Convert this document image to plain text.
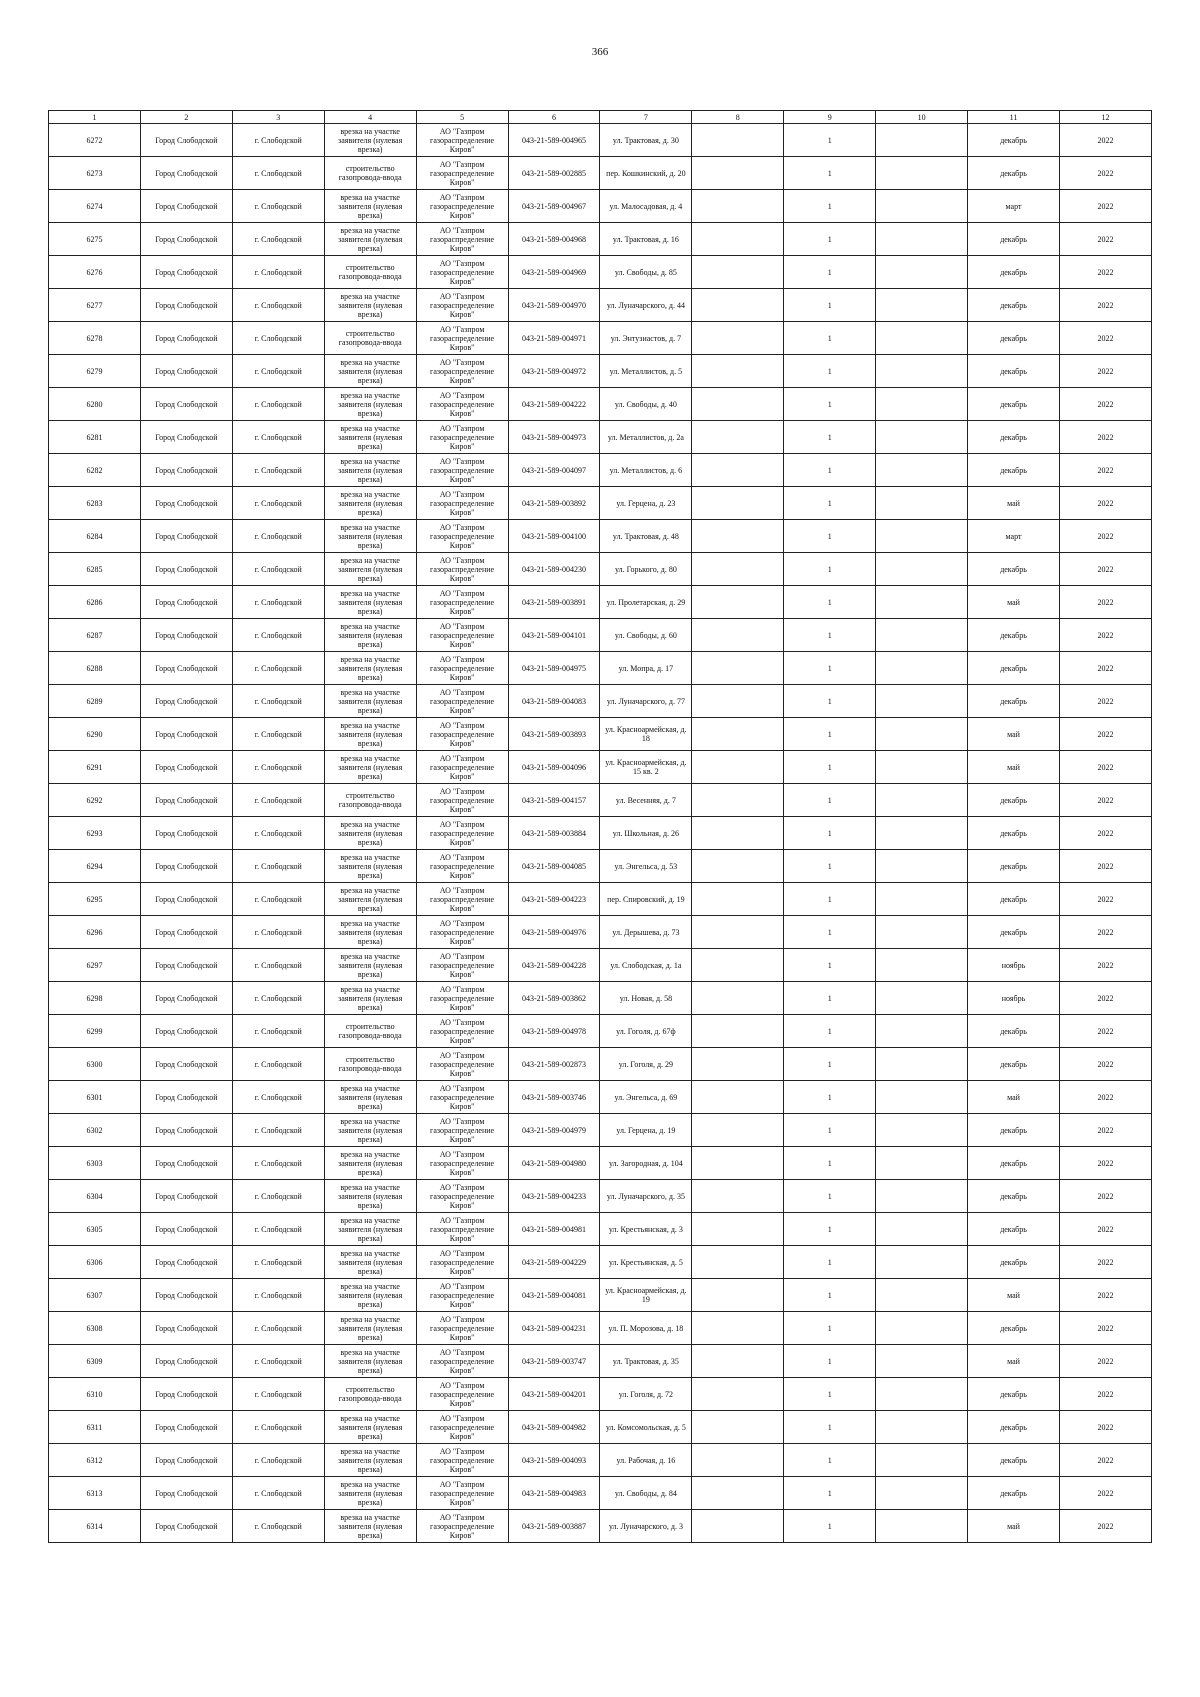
366
1	2	3	4	5	6	7	8	9	10	11	12

6272	Город Слободской	г. Слободской	врезка на участке заявителя (нулевая врезка)	АО "Газпром газораспределение Киров"	043-21-589-004965	ул. Трактовая, д. 30		1		декабрь	2022

6273	Город Слободской	г. Слободской	строительство газопровода-ввода	АО "Газпром газораспределение Киров"	043-21-589-002885	пер. Кошкинский, д. 20		1		декабрь	2022

6274	Город Слободской	г. Слободской	врезка на участке заявителя (нулевая врезка)	АО "Газпром газораспределение Киров"	043-21-589-004967	ул. Малосадовая, д. 4		1		март	2022

6275	Город Слободской	г. Слободской	врезка на участке заявителя (нулевая врезка)	АО "Газпром газораспределение Киров"	043-21-589-004968	ул. Трактовая, д. 16		1		декабрь	2022

6276	Город Слободской	г. Слободской	строительство газопровода-ввода	АО "Газпром газораспределение Киров"	043-21-589-004969	ул. Свободы, д. 85		1		декабрь	2022

6277	Город Слободской	г. Слободской	врезка на участке заявителя (нулевая врезка)	АО "Газпром газораспределение Киров"	043-21-589-004970	ул. Луначарского, д. 44		1		декабрь	2022

6278	Город Слободской	г. Слободской	строительство газопровода-ввода	АО "Газпром газораспределение Киров"	043-21-589-004971	ул. Энтузиастов, д. 7		1		декабрь	2022

6279	Город Слободской	г. Слободской	врезка на участке заявителя (нулевая врезка)	АО "Газпром газораспределение Киров"	043-21-589-004972	ул. Металлистов, д. 5		1		декабрь	2022

6280	Город Слободской	г. Слободской	врезка на участке заявителя (нулевая врезка)	АО "Газпром газораспределение Киров"	043-21-589-004222	ул. Свободы, д. 40		1		декабрь	2022

6281	Город Слободской	г. Слободской	врезка на участке заявителя (нулевая врезка)	АО "Газпром газораспределение Киров"	043-21-589-004973	ул. Металлистов, д. 2а		1		декабрь	2022

6282	Город Слободской	г. Слободской	врезка на участке заявителя (нулевая врезка)	АО "Газпром газораспределение Киров"	043-21-589-004097	ул. Металлистов, д. 6		1		декабрь	2022

6283	Город Слободской	г. Слободской	врезка на участке заявителя (нулевая врезка)	АО "Газпром газораспределение Киров"	043-21-589-003892	ул. Герцена, д. 23		1		май	2022

6284	Город Слободской	г. Слободской	врезка на участке заявителя (нулевая врезка)	АО "Газпром газораспределение Киров"	043-21-589-004100	ул. Трактовая, д. 48		1		март	2022

6285	Город Слободской	г. Слободской	врезка на участке заявителя (нулевая врезка)	АО "Газпром газораспределение Киров"	043-21-589-004230	ул. Горького, д. 80		1		декабрь	2022

6286	Город Слободской	г. Слободской	врезка на участке заявителя (нулевая врезка)	АО "Газпром газораспределение Киров"	043-21-589-003891	ул. Пролетарская, д. 29		1		май	2022

6287	Город Слободской	г. Слободской	врезка на участке заявителя (нулевая врезка)	АО "Газпром газораспределение Киров"	043-21-589-004101	ул. Свободы, д. 60		1		декабрь	2022

6288	Город Слободской	г. Слободской	врезка на участке заявителя (нулевая врезка)	АО "Газпром газораспределение Киров"	043-21-589-004975	ул. Мопра, д. 17		1		декабрь	2022

6289	Город Слободской	г. Слободской	врезка на участке заявителя (нулевая врезка)	АО "Газпром газораспределение Киров"	043-21-589-004083	ул. Луначарского, д. 77		1		декабрь	2022

6290	Город Слободской	г. Слободской	врезка на участке заявителя (нулевая врезка)	АО "Газпром газораспределение Киров"	043-21-589-003893	ул. Красноармейская, д. 18		1		май	2022

6291	Город Слободской	г. Слободской	врезка на участке заявителя (нулевая врезка)	АО "Газпром газораспределение Киров"	043-21-589-004096	ул. Красноармейская, д. 15 кв. 2		1		май	2022

6292	Город Слободской	г. Слободской	строительство газопровода-ввода	АО "Газпром газораспределение Киров"	043-21-589-004157	ул. Весенняя, д. 7		1		декабрь	2022

6293	Город Слободской	г. Слободской	врезка на участке заявителя (нулевая врезка)	АО "Газпром газораспределение Киров"	043-21-589-003884	ул. Школьная, д. 26		1		декабрь	2022

6294	Город Слободской	г. Слободской	врезка на участке заявителя (нулевая врезка)	АО "Газпром газораспределение Киров"	043-21-589-004085	ул. Энгельса, д. 53		1		декабрь	2022

6295	Город Слободской	г. Слободской	врезка на участке заявителя (нулевая врезка)	АО "Газпром газораспределение Киров"	043-21-589-004223	пер. Спировский, д. 19		1		декабрь	2022

6296	Город Слободской	г. Слободской	врезка на участке заявителя (нулевая врезка)	АО "Газпром газораспределение Киров"	043-21-589-004976	ул. Дерышева, д. 73		1		декабрь	2022

6297	Город Слободской	г. Слободской	врезка на участке заявителя (нулевая врезка)	АО "Газпром газораспределение Киров"	043-21-589-004228	ул. Слободская, д. 1а		1		ноябрь	2022

6298	Город Слободской	г. Слободской	врезка на участке заявителя (нулевая врезка)	АО "Газпром газораспределение Киров"	043-21-589-003862	ул. Новая, д. 58		1		ноябрь	2022

6299	Город Слободской	г. Слободской	строительство газопровода-ввода	АО "Газпром газораспределение Киров"	043-21-589-004978	ул. Гоголя, д. 67ф		1		декабрь	2022

6300	Город Слободской	г. Слободской	строительство газопровода-ввода	АО "Газпром газораспределение Киров"	043-21-589-002873	ул. Гоголя, д. 29		1		декабрь	2022

6301	Город Слободской	г. Слободской	врезка на участке заявителя (нулевая врезка)	АО "Газпром газораспределение Киров"	043-21-589-003746	ул. Энгельса, д. 69		1		май	2022

6302	Город Слободской	г. Слободской	врезка на участке заявителя (нулевая врезка)	АО "Газпром газораспределение Киров"	043-21-589-004979	ул. Герцена, д. 19		1		декабрь	2022

6303	Город Слободской	г. Слободской	врезка на участке заявителя (нулевая врезка)	АО "Газпром газораспределение Киров"	043-21-589-004980	ул. Загородная, д. 104		1		декабрь	2022

6304	Город Слободской	г. Слободской	врезка на участке заявителя (нулевая врезка)	АО "Газпром газораспределение Киров"	043-21-589-004233	ул. Луначарского, д. 35		1		декабрь	2022

6305	Город Слободской	г. Слободской	врезка на участке заявителя (нулевая врезка)	АО "Газпром газораспределение Киров"	043-21-589-004981	ул. Крестьянская, д. 3		1		декабрь	2022

6306	Город Слободской	г. Слободской	врезка на участке заявителя (нулевая врезка)	АО "Газпром газораспределение Киров"	043-21-589-004229	ул. Крестьянская, д. 5		1		декабрь	2022

6307	Город Слободской	г. Слободской	врезка на участке заявителя (нулевая врезка)	АО "Газпром газораспределение Киров"	043-21-589-004081	ул. Красноармейская, д. 19		1		май	2022

6308	Город Слободской	г. Слободской	врезка на участке заявителя (нулевая врезка)	АО "Газпром газораспределение Киров"	043-21-589-004231	ул. П. Морозова, д. 18		1		декабрь	2022

6309	Город Слободской	г. Слободской	врезка на участке заявителя (нулевая врезка)	АО "Газпром газораспределение Киров"	043-21-589-003747	ул. Трактовая, д. 35		1		май	2022

6310	Город Слободской	г. Слободской	строительство газопровода-ввода	АО "Газпром газораспределение Киров"	043-21-589-004201	ул. Гоголя, д. 72		1		декабрь	2022

6311	Город Слободской	г. Слободской	врезка на участке заявителя (нулевая врезка)	АО "Газпром газораспределение Киров"	043-21-589-004982	ул. Комсомольская, д. 5		1		декабрь	2022

6312	Город Слободской	г. Слободской	врезка на участке заявителя (нулевая врезка)	АО "Газпром газораспределение Киров"	043-21-589-004093	ул. Рабочая, д. 16		1		декабрь	2022

6313	Город Слободской	г. Слободской	врезка на участке заявителя (нулевая врезка)	АО "Газпром газораспределение Киров"	043-21-589-004983	ул. Свободы, д. 84		1		декабрь	2022

6314	Город Слободской	г. Слободской	врезка на участке заявителя (нулевая врезка)	АО "Газпром газораспределение Киров"	043-21-589-003887	ул. Луначарского, д. 3		1		май	2022
